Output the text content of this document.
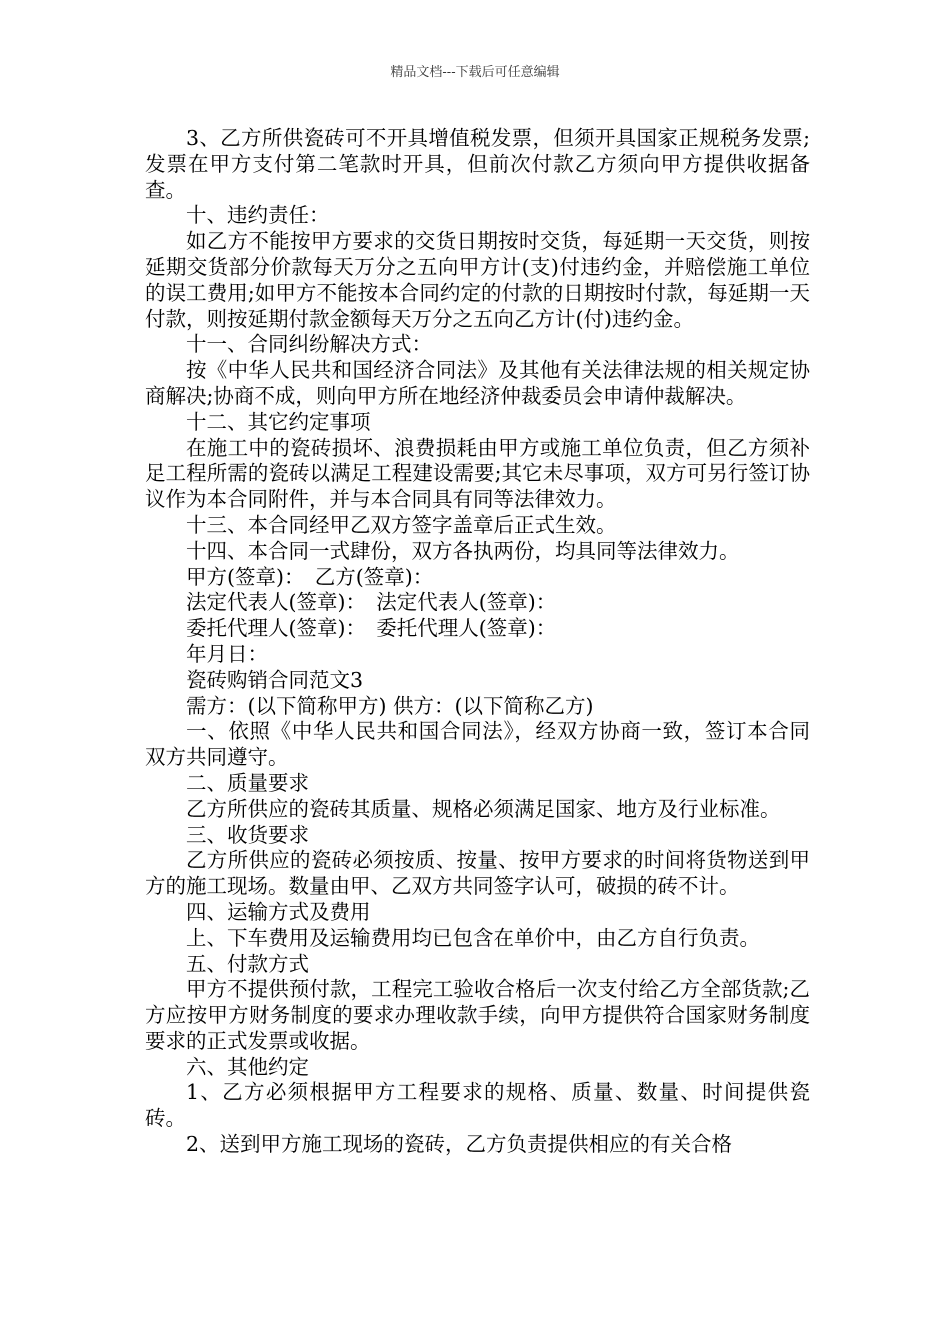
精品文档---下载后可任意编辑

3、乙方所供瓷砖可不开具增值税发票，但须开具国家正规税务发票;发票在甲方支付第二笔款时开具，但前次付款乙方须向甲方提供收据备查。

十、违约责任：

如乙方不能按甲方要求的交货日期按时交货，每延期一天交货，则按延期交货部分价款每天万分之五向甲方计(支)付违约金，并赔偿施工单位的误工费用;如甲方不能按本合同约定的付款的日期按时付款，每延期一天付款，则按延期付款金额每天万分之五向乙方计(付)违约金。

十一、合同纠纷解决方式：

按《中华人民共和国经济合同法》及其他有关法律法规的相关规定协商解决;协商不成，则向甲方所在地经济仲裁委员会申请仲裁解决。

十二、其它约定事项

在施工中的瓷砖损坏、浪费损耗由甲方或施工单位负责，但乙方须补足工程所需的瓷砖以满足工程建设需要;其它未尽事项，双方可另行签订协议作为本合同附件，并与本合同具有同等法律效力。

十三、本合同经甲乙双方签字盖章后正式生效。

十四、本合同一式肆份，双方各执两份，均具同等法律效力。

甲方(签章)：　乙方(签章)：

法定代表人(签章)：　法定代表人(签章)：

委托代理人(签章)：　委托代理人(签章)：

年月日：

瓷砖购销合同范文3

需方：(以下简称甲方) 供方：(以下简称乙方)

一、依照《中华人民共和国合同法》，经双方协商一致，签订本合同双方共同遵守。

二、质量要求

乙方所供应的瓷砖其质量、规格必须满足国家、地方及行业标准。

三、收货要求

乙方所供应的瓷砖必须按质、按量、按甲方要求的时间将货物送到甲方的施工现场。数量由甲、乙双方共同签字认可，破损的砖不计。

四、运输方式及费用

上、下车费用及运输费用均已包含在单价中，由乙方自行负责。

五、付款方式

甲方不提供预付款，工程完工验收合格后一次支付给乙方全部货款;乙方应按甲方财务制度的要求办理收款手续，向甲方提供符合国家财务制度要求的正式发票或收据。

六、其他约定

1、乙方必须根据甲方工程要求的规格、质量、数量、时间提供瓷砖。

2、送到甲方施工现场的瓷砖，乙方负责提供相应的有关合格
